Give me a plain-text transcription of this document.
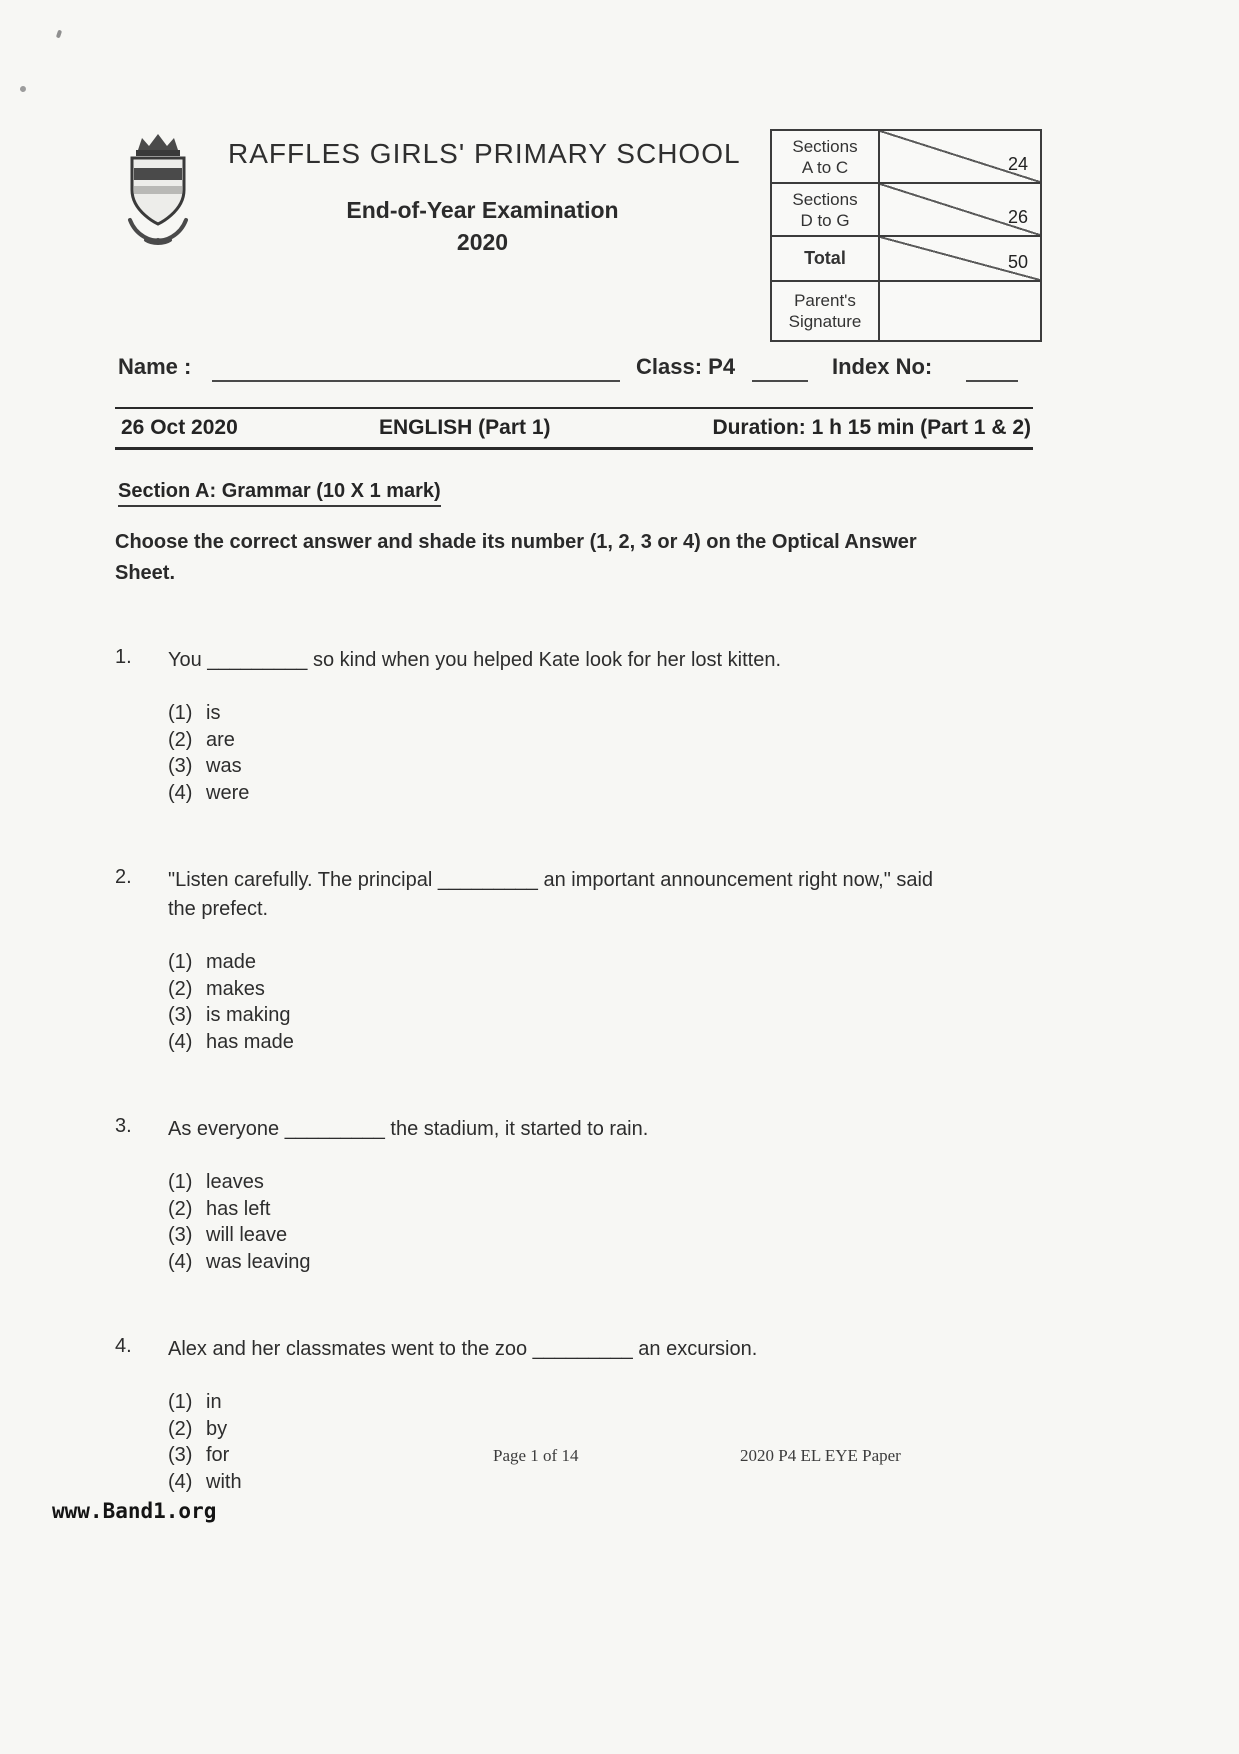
RAFFLES GIRLS' PRIMARY SCHOOL
End-of-Year Examination
2020
Sections
A to C	24
Sections
D to G	26
Total	50
Parent's
Signature
Name :	Class: P4	Index No:
26 Oct 2020	ENGLISH (Part 1)	Duration: 1 h 15 min (Part 1 & 2)
Section A: Grammar (10 X 1 mark)
Choose the correct answer and shade its number (1, 2, 3 or 4) on the Optical Answer Sheet.
1.	You _________ so kind when you helped Kate look for her lost kitten.
(1) is
(2) are
(3) was
(4) were
2.	"Listen carefully. The principal _________ an important announcement right now," said the prefect.
(1) made
(2) makes
(3) is making
(4) has made
3.	As everyone _________ the stadium, it started to rain.
(1) leaves
(2) has left
(3) will leave
(4) was leaving
4.	Alex and her classmates went to the zoo _________ an excursion.
(1) in
(2) by
(3) for
(4) with
Page 1 of 14	2020 P4 EL EYE Paper
www.Band1.org
